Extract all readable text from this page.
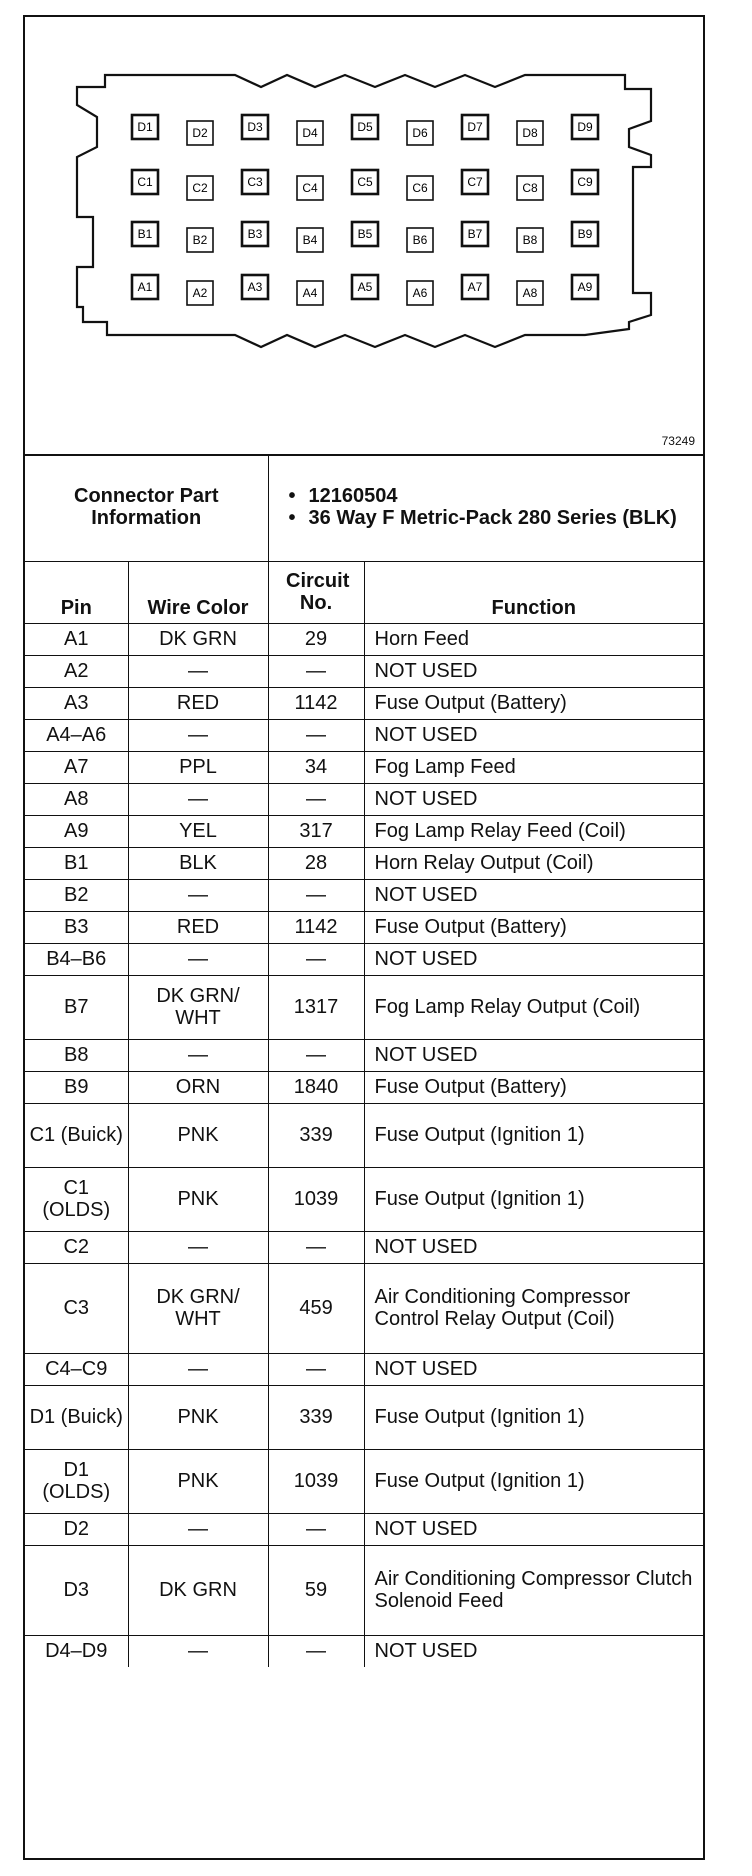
D1	D2	D3	D4	D5	D6	D7	D8	D9
C1	C2	C3	C4	C5	C6	C7	C8	C9
B1	B2	B3	B4	B5	B6	B7	B8	B9
A1	A2	A3	A4	A5	A6	A7	A8	A9
73249
Connector Part Information		• 12160504
• 36 Way F Metric-Pack 280 Series (BLK)

Pin	Wire Color	Circuit No.	Function
A1	DK GRN	29	Horn Feed
A2	—	—	NOT USED
A3	RED	1142	Fuse Output (Battery)
A4–A6	—	—	NOT USED
A7	PPL	34	Fog Lamp Feed
A8	—	—	NOT USED
A9	YEL	317	Fog Lamp Relay Feed (Coil)
B1	BLK	28	Horn Relay Output (Coil)
B2	—	—	NOT USED
B3	RED	1142	Fuse Output (Battery)
B4–B6	—	—	NOT USED
B7	DK GRN/ WHT	1317	Fog Lamp Relay Output (Coil)
B8	—	—	NOT USED
B9	ORN	1840	Fuse Output (Battery)
C1 (Buick)	PNK	339	Fuse Output (Ignition 1)
C1 (OLDS)	PNK	1039	Fuse Output (Ignition 1)
C2	—	—	NOT USED
C3	DK GRN/ WHT	459	Air Conditioning Compressor Control Relay Output (Coil)
C4–C9	—	—	NOT USED
D1 (Buick)	PNK	339	Fuse Output (Ignition 1)
D1 (OLDS)	PNK	1039	Fuse Output (Ignition 1)
D2	—	—	NOT USED
D3	DK GRN	59	Air Conditioning Compressor Clutch Solenoid Feed
D4–D9	—	—	NOT USED
